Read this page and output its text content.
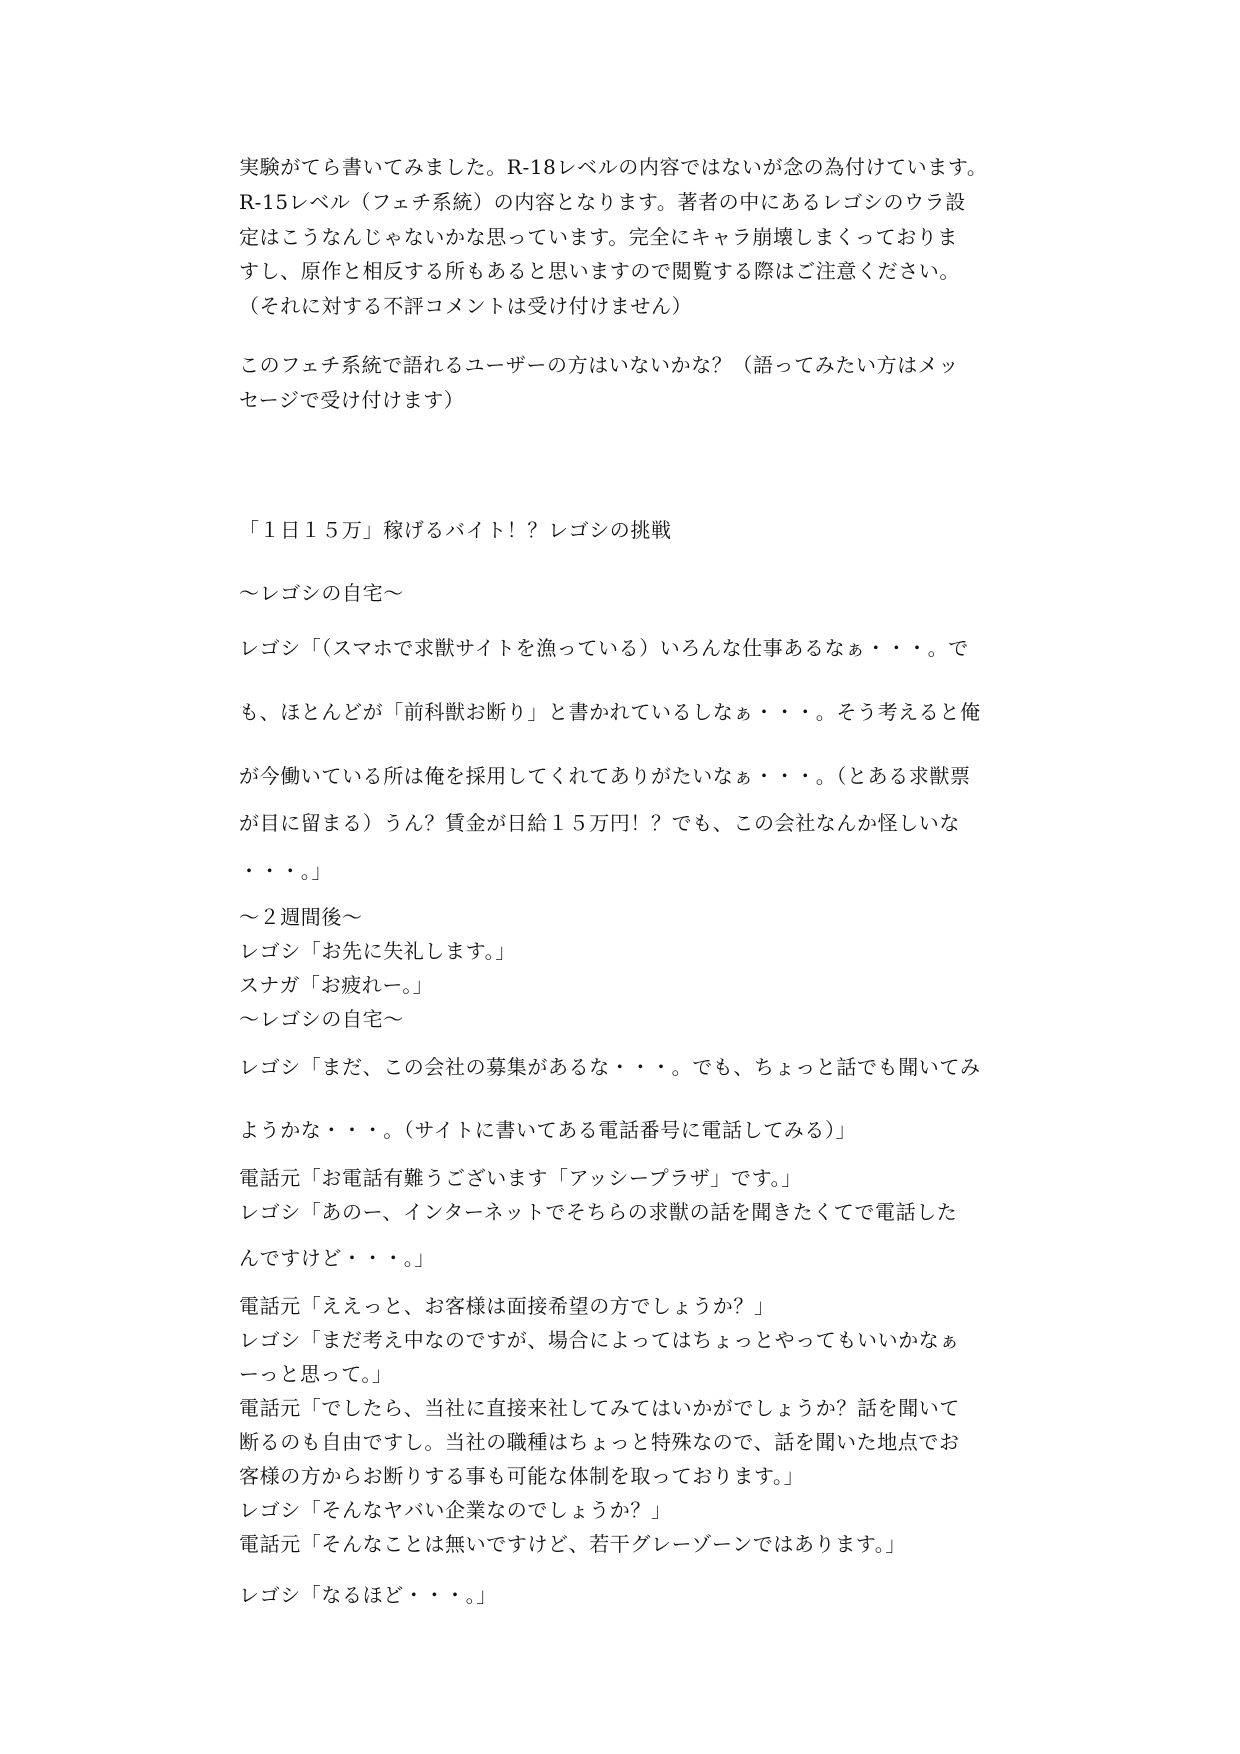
実験がてら書いてみました。R-18レベルの内容ではないが念の為付けています。
R-15レベル（フェチ系統）の内容となります。著者の中にあるレゴシのウラ設
定はこうなんじゃないかな思っています。完全にキャラ崩壊しまくっておりま
すし、原作と相反する所もあると思いますので閲覧する際はご注意ください。
（それに対する不評コメントは受け付けません）
このフェチ系統で語れるユーザーの方はいないかな？（語ってみたい方はメッ
セージで受け付けます）
「１日１５万」稼げるバイト！？レゴシの挑戦
〜レゴシの自宅〜
レゴシ「（スマホで求獣サイトを漁っている）いろんな仕事あるなぁ・・・。で
も、ほとんどが「前科獣お断り」と書かれているしなぁ・・・。そう考えると俺
が今働いている所は俺を採用してくれてありがたいなぁ・・・。（とある求獣票
が目に留まる）うん？賃金が日給１５万円！？でも、この会社なんか怪しいな
・・・。」
〜２週間後〜
レゴシ「お先に失礼します。」
スナガ「お疲れー。」
〜レゴシの自宅〜
レゴシ「まだ、この会社の募集があるな・・・。でも、ちょっと話でも聞いてみ
ようかな・・・。（サイトに書いてある電話番号に電話してみる）」
電話元「お電話有難うございます「アッシープラザ」です。」
レゴシ「あのー、インターネットでそちらの求獣の話を聞きたくてで電話した
んですけど・・・。」
電話元「ええっと、お客様は面接希望の方でしょうか？」
レゴシ「まだ考え中なのですが、場合によってはちょっとやってもいいかなぁ
ーっと思って。」
電話元「でしたら、当社に直接来社してみてはいかがでしょうか？話を聞いて
断るのも自由ですし。当社の職種はちょっと特殊なので、話を聞いた地点でお
客様の方からお断りする事も可能な体制を取っております。」
レゴシ「そんなヤバい企業なのでしょうか？」
電話元「そんなことは無いですけど、若干グレーゾーンではあります。」
レゴシ「なるほど・・・。」
